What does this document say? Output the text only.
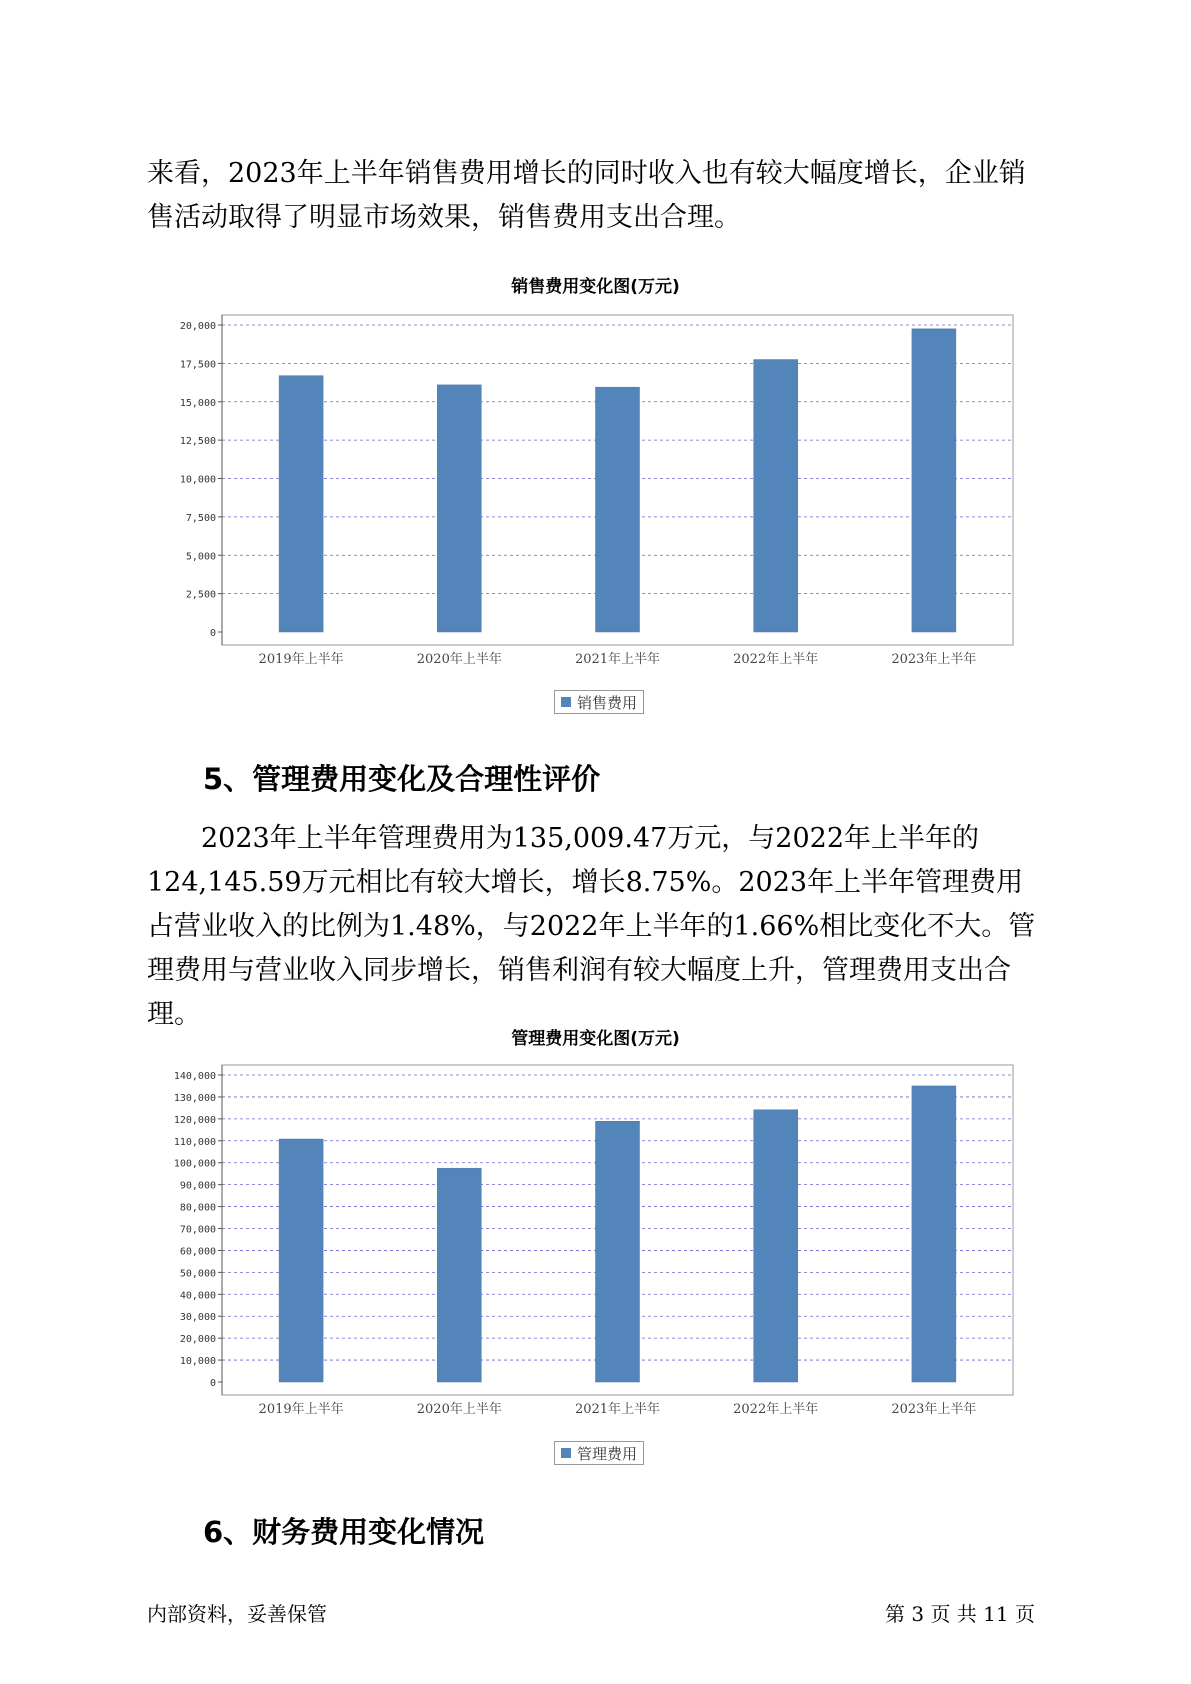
来看，2023年上半年销售费用增长的同时收入也有较大幅度增长，企业销
售活动取得了明显市场效果，销售费用支出合理。

销售费用变化图(万元)

0
2,500
5,000
7,500
10,000
12,500
15,000
17,500
20,000
2019年上半年	2020年上半年	2021年上半年	2022年上半年	2023年上半年
销售费用
5、管理费用变化及合理性评价

2023年上半年管理费用为135,009.47万元，与2022年上半年的124,145.59万元相比有较大增长，增长8.75%。2023年上半年管理费用占营业收入的比例为1.48%，与2022年上半年的1.66%相比变化不大。管理费用与营业收入同步增长，销售利润有较大幅度上升，管理费用支出合理。

管理费用变化图(万元)

0
10,000
20,000
30,000
40,000
50,000
60,000
70,000
80,000
90,000
100,000
110,000
120,000
130,000
140,000
2019年上半年	2020年上半年	2021年上半年	2022年上半年	2023年上半年
管理费用
6、财务费用变化情况

内部资料，妥善保管	第 3 页 共 11 页
